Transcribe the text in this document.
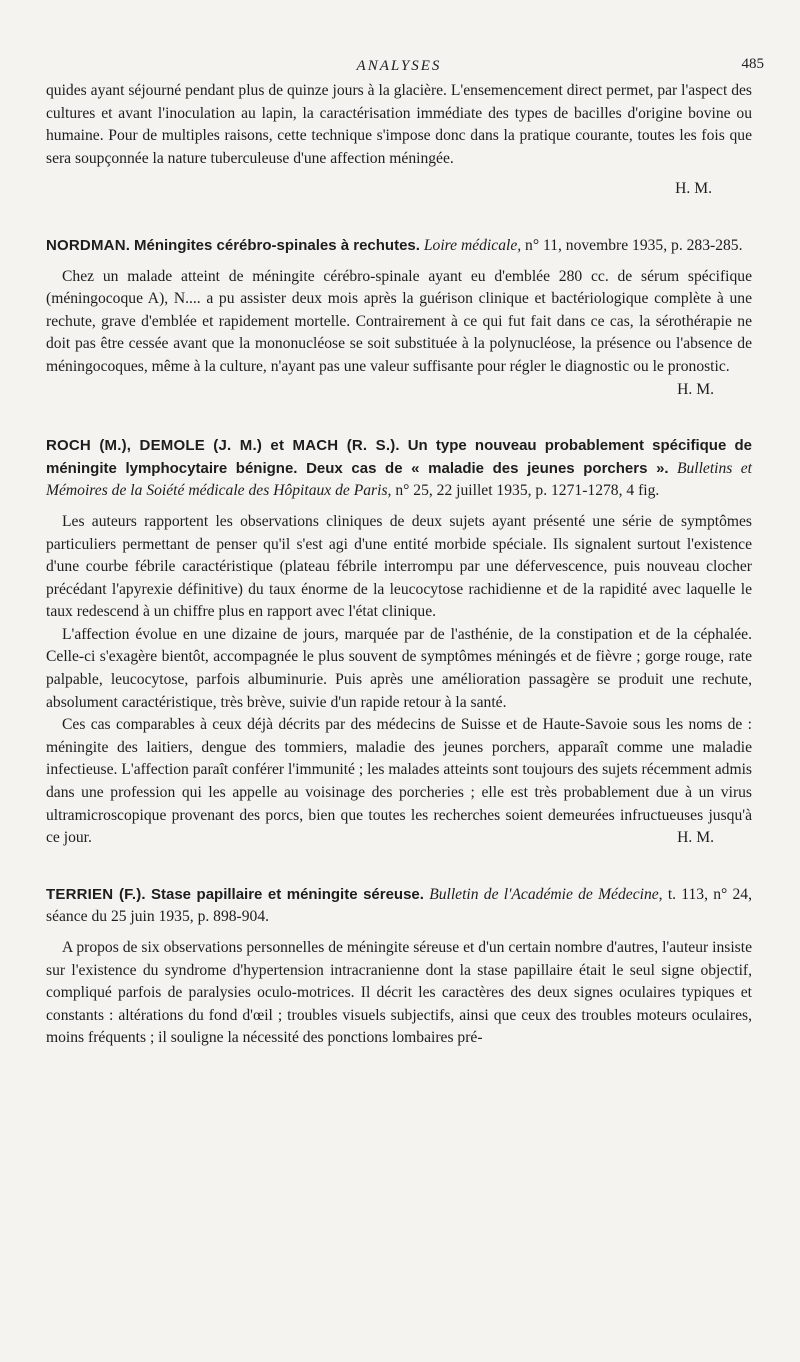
ANALYSES	485

quides ayant séjourné pendant plus de quinze jours à la glacière. L'ensemencement direct permet, par l'aspect des cultures et avant l'inoculation au lapin, la caractérisation immédiate des types de bacilles d'origine bovine ou humaine. Pour de multiples raisons, cette technique s'impose donc dans la pratique courante, toutes les fois que sera soupçonnée la nature tuberculeuse d'une affection méningée.

H. M.
NORDMAN. Méningites cérébro-spinales à rechutes. Loire médicale, n° 11, novembre 1935, p. 283-285.

Chez un malade atteint de méningite cérébro-spinale ayant eu d'emblée 280 cc. de sérum spécifique (méningocoque A), N.... a pu assister deux mois après la guérison clinique et bactériologique complète à une rechute, grave d'emblée et rapidement mortelle. Contrairement à ce qui fut fait dans ce cas, la sérothérapie ne doit pas être cessée avant que la mononucléose se soit substituée à la polynucléose, la présence ou l'absence de méningocoques, même à la culture, n'ayant pas une valeur suffisante pour régler le diagnostic ou le pronostic.
H. M.

ROCH (M.), DEMOLE (J. M.) et MACH (R. S.). Un type nouveau probablement spécifique de méningite lymphocytaire bénigne. Deux cas de « maladie des jeunes porchers ». Bulletins et Mémoires de la Soiété médicale des Hôpitaux de Paris, n° 25, 22 juillet 1935, p. 1271-1278, 4 fig.

Les auteurs rapportent les observations cliniques de deux sujets ayant présenté une série de symptômes particuliers permettant de penser qu'il s'est agi d'une entité morbide spéciale. Ils signalent surtout l'existence d'une courbe fébrile caractéristique (plateau fébrile interrompu par une défervescence, puis nouveau clocher précédant l'apyrexie définitive) du taux énorme de la leucocytose rachidienne et de la rapidité avec laquelle le taux redescend à un chiffre plus en rapport avec l'état clinique.

L'affection évolue en une dizaine de jours, marquée par de l'asthénie, de la constipation et de la céphalée. Celle-ci s'exagère bientôt, accompagnée le plus souvent de symptômes méningés et de fièvre ; gorge rouge, rate palpable, leucocytose, parfois albuminurie. Puis après une amélioration passagère se produit une rechute, absolument caractéristique, très brève, suivie d'un rapide retour à la santé.

Ces cas comparables à ceux déjà décrits par des médecins de Suisse et de Haute-Savoie sous les noms de : méningite des laitiers, dengue des tommiers, maladie des jeunes porchers, apparaît comme une maladie infectieuse. L'affection paraît conférer l'immunité ; les malades atteints sont toujours des sujets récemment admis dans une profession qui les appelle au voisinage des porcheries ; elle est très probablement due à un virus ultramicroscopique provenant des porcs, bien que toutes les recherches soient demeurées infructueuses jusqu'à ce jour.	H. M.

TERRIEN (F.). Stase papillaire et méningite séreuse. Bulletin de l'Académie de Médecine, t. 113, n° 24, séance du 25 juin 1935, p. 898-904.

A propos de six observations personnelles de méningite séreuse et d'un certain nombre d'autres, l'auteur insiste sur l'existence du syndrome d'hypertension intracranienne dont la stase papillaire était le seul signe objectif, compliqué parfois de paralysies oculo-motrices. Il décrit les caractères des deux signes oculaires typiques et constants : altérations du fond d'œil ; troubles visuels subjectifs, ainsi que ceux des troubles moteurs oculaires, moins fréquents ; il souligne la nécessité des ponctions lombaires pré-
